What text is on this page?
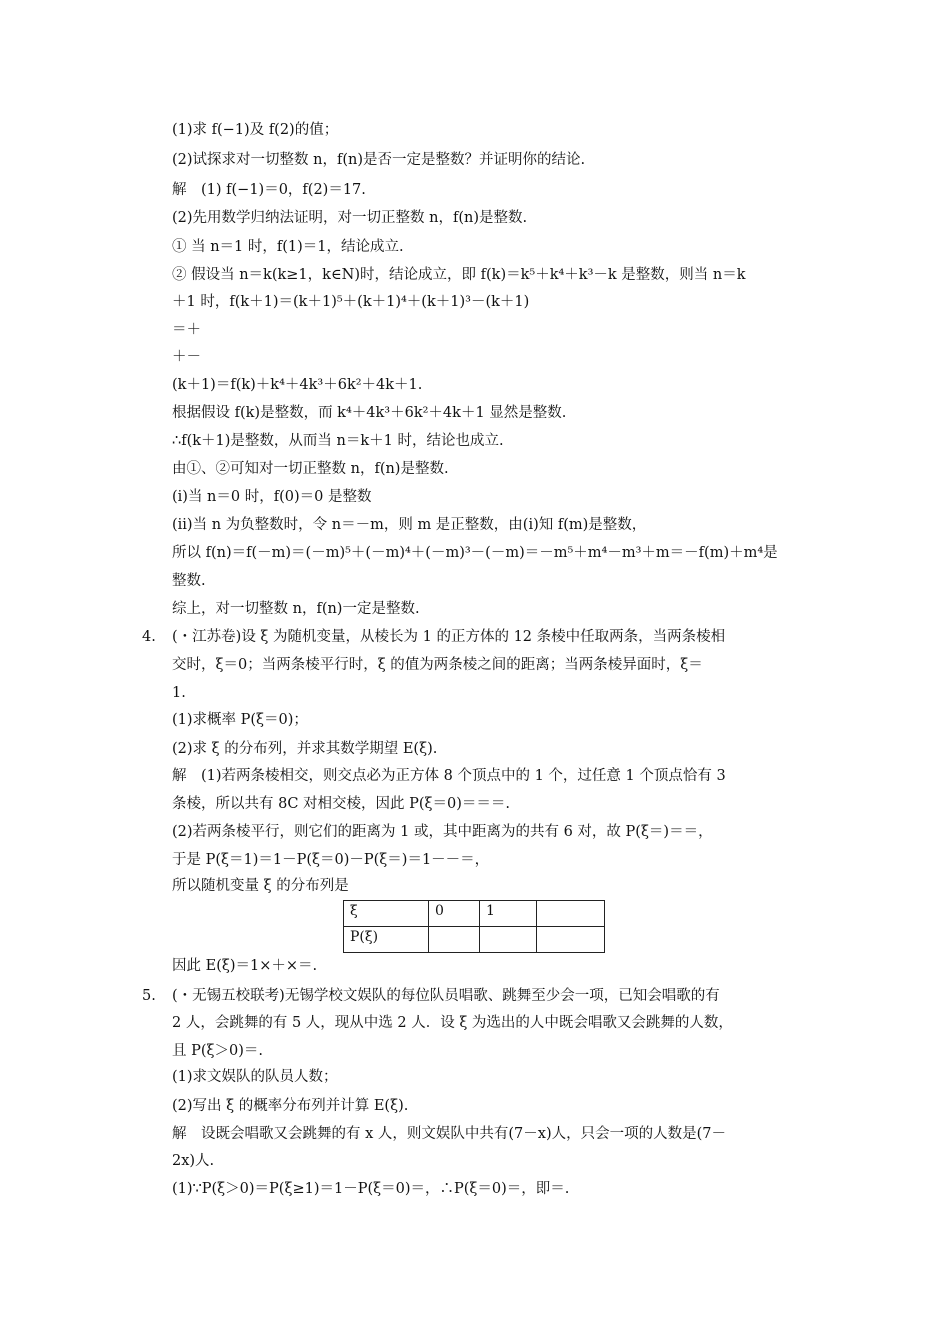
(1)求 f(−1)及 f(2)的值；
(2)试探求对一切整数 n，f(n)是否一定是整数？并证明你的结论.
解　(1) f(−1)＝0，f(2)＝17.
(2)先用数学归纳法证明，对一切正整数 n，f(n)是整数.
① 当 n＝1 时，f(1)＝1，结论成立.
② 假设当 n＝k(k≥1，k∈N)时，结论成立，即 f(k)＝k⁵＋k⁴＋k³－k 是整数，则当 n＝k
＋1 时，f(k＋1)＝(k＋1)⁵＋(k＋1)⁴＋(k＋1)³－(k＋1)
＝＋
＋－
(k＋1)＝f(k)＋k⁴＋4k³＋6k²＋4k＋1.
根据假设 f(k)是整数，而 k⁴＋4k³＋6k²＋4k＋1 显然是整数.
∴f(k＋1)是整数，从而当 n＝k＋1 时，结论也成立.
由①、②可知对一切正整数 n，f(n)是整数.
(i)当 n＝0 时，f(0)＝0 是整数
(ii)当 n 为负整数时，令 n＝－m，则 m 是正整数，由(i)知 f(m)是整数，
所以 f(n)＝f(－m)＝(－m)⁵＋(－m)⁴＋(－m)³－(－m)＝－m⁵＋m⁴－m³＋m＝－f(m)＋m⁴是
整数.
综上，对一切整数 n，f(n)一定是整数.
4. (・江苏卷)设 ξ 为随机变量，从棱长为 1 的正方体的 12 条棱中任取两条，当两条棱相
交时，ξ＝0；当两条棱平行时，ξ 的值为两条棱之间的距离；当两条棱异面时，ξ＝
1.
(1)求概率 P(ξ＝0)；
(2)求 ξ 的分布列，并求其数学期望 E(ξ).
解　(1)若两条棱相交，则交点必为正方体 8 个顶点中的 1 个，过任意 1 个顶点恰有 3
条棱，所以共有 8C 对相交棱，因此 P(ξ＝0)＝＝＝.
(2)若两条棱平行，则它们的距离为 1 或，其中距离为的共有 6 对，故 P(ξ＝)＝＝，
于是 P(ξ＝1)＝1－P(ξ＝0)－P(ξ＝)＝1－－＝，
所以随机变量 ξ 的分布列是
ξ	0	1	
P(ξ)			
因此 E(ξ)＝1×＋×＝.
5. (・无锡五校联考)无锡学校文娱队的每位队员唱歌、跳舞至少会一项，已知会唱歌的有
2 人，会跳舞的有 5 人，现从中选 2 人．设 ξ 为选出的人中既会唱歌又会跳舞的人数，
且 P(ξ＞0)＝.
(1)求文娱队的队员人数；
(2)写出 ξ 的概率分布列并计算 E(ξ).
解　设既会唱歌又会跳舞的有 x 人，则文娱队中共有(7－x)人，只会一项的人数是(7－
2x)人.
(1)∵P(ξ＞0)＝P(ξ≥1)＝1－P(ξ＝0)＝，∴P(ξ＝0)＝，即＝.
